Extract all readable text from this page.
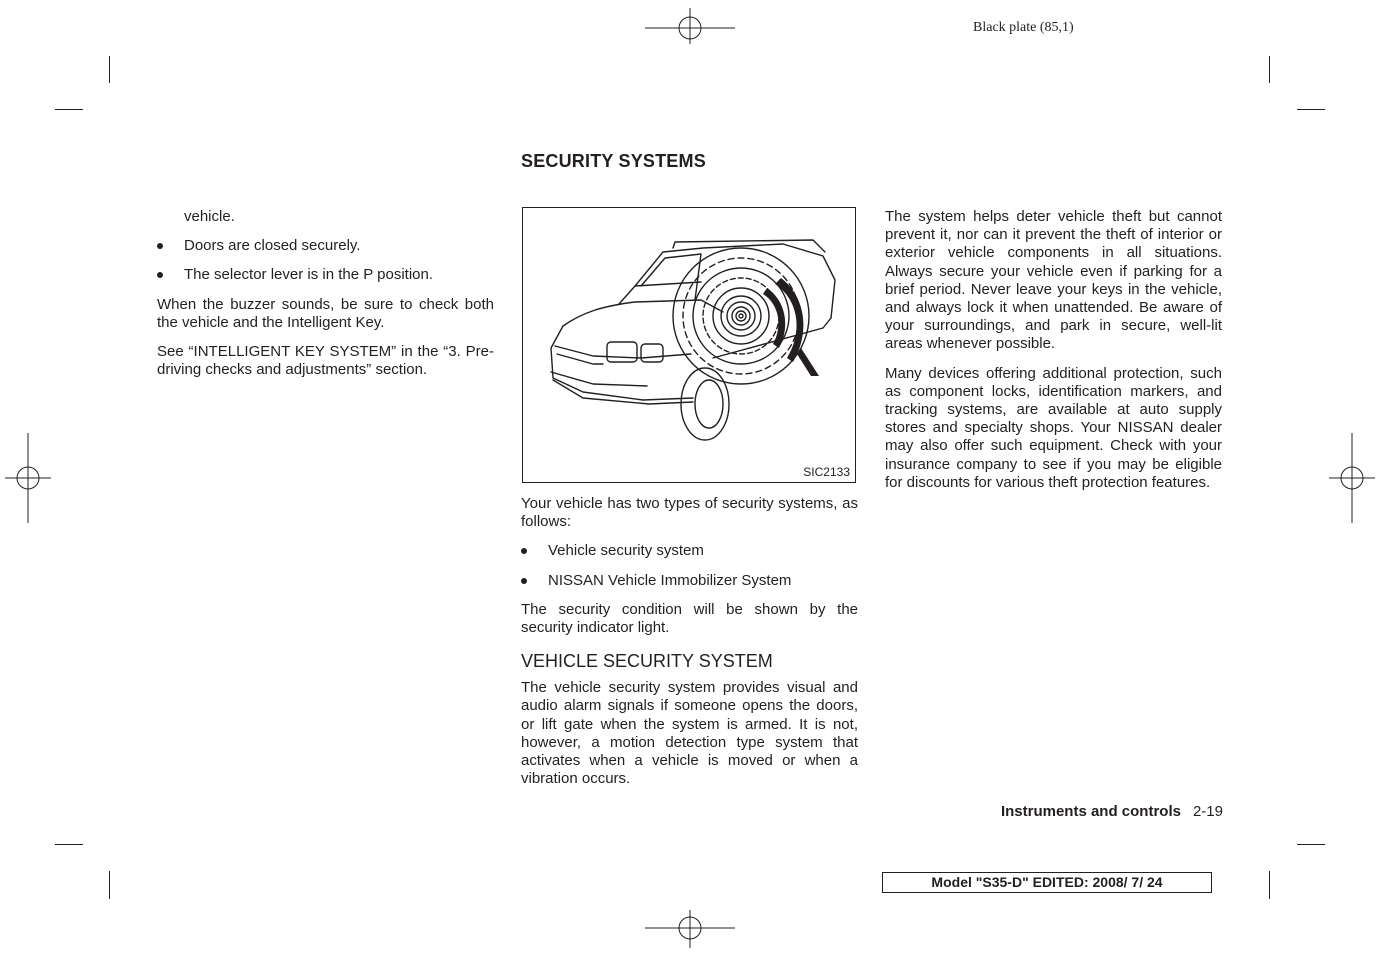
Black plate (85,1)
SECURITY SYSTEMS

vehicle.

Doors are closed securely.
The selector lever is in the P position.

When the buzzer sounds, be sure to check both the vehicle and the Intelligent Key.

See “INTELLIGENT KEY SYSTEM” in the “3. Pre-driving checks and adjustments” section.

SIC2133

Your vehicle has two types of security systems, as follows:

Vehicle security system
NISSAN Vehicle Immobilizer System

The security condition will be shown by the security indicator light.

VEHICLE SECURITY SYSTEM

The vehicle security system provides visual and audio alarm signals if someone opens the doors, or lift gate when the system is armed. It is not, however, a motion detection type system that activates when a vehicle is moved or when a vibration occurs.

The system helps deter vehicle theft but cannot prevent it, nor can it prevent the theft of interior or exterior vehicle components in all situations. Always secure your vehicle even if parking for a brief period. Never leave your keys in the vehicle, and always lock it when unattended. Be aware of your surroundings, and park in secure, well-lit areas whenever possible.

Many devices offering additional protection, such as component locks, identification markers, and tracking systems, are available at auto supply stores and specialty shops. Your NISSAN dealer may also offer such equipment. Check with your insurance company to see if you may be eligible for discounts for various theft protection features.

Instruments and controls 2-19
Model "S35-D" EDITED: 2008/ 7/ 24
